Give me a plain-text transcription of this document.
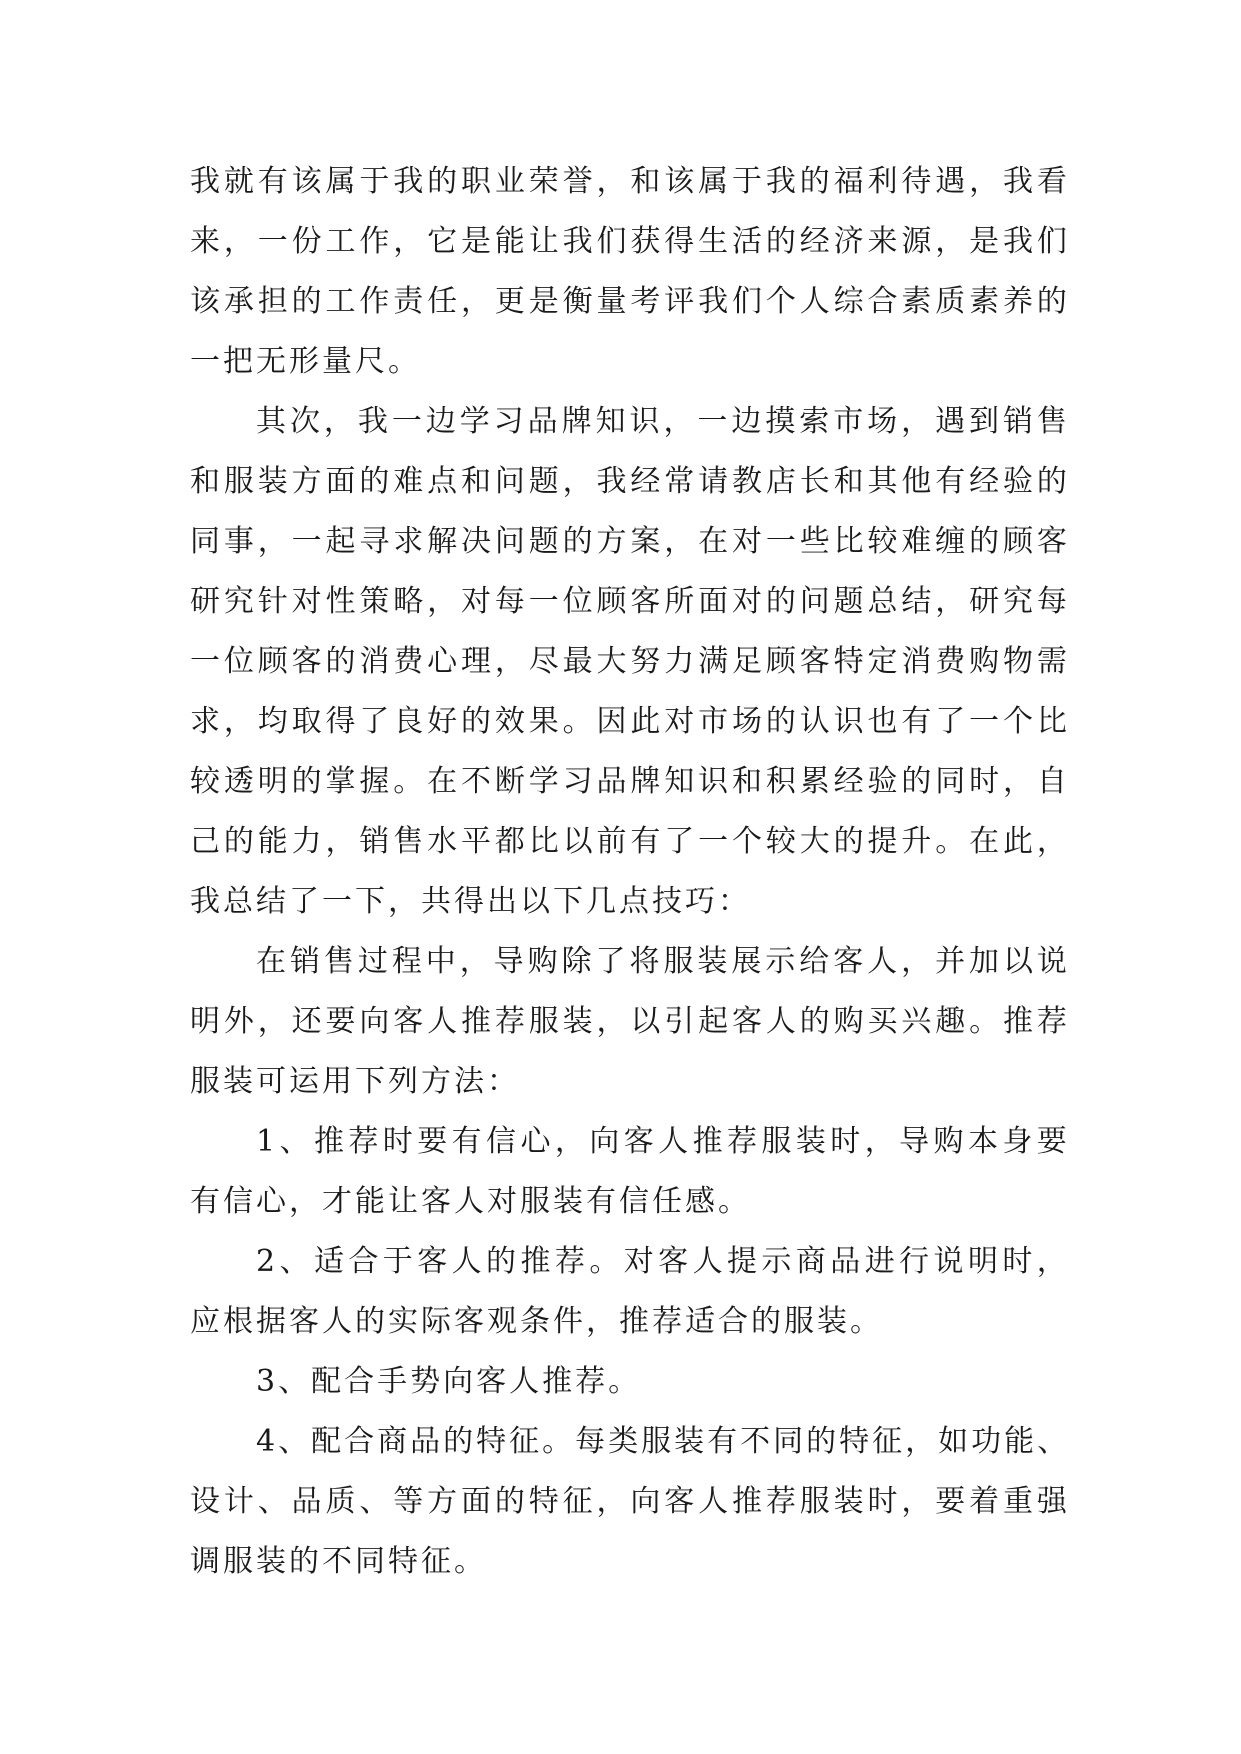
我 就 有 该 属 于 我 的 职 业 荣 誉 ， 和 该 属 于 我 的 福 利 待 遇 ， 我 看
来 ， 一 份 工 作 ， 它 是 能 让 我 们 获 得 生 活 的 经 济 来 源 ， 是 我 们
该 承 担 的 工 作 责 任 ， 更 是 衡 量 考 评 我 们 个 人 综 合 素 质 素 养 的
一把无形量尺。
其 次 ， 我 一 边 学 习 品 牌 知 识 ， 一 边 摸 索 市 场 ， 遇 到 销 售
和 服 装 方 面 的 难 点 和 问 题 ， 我 经 常 请 教 店 长 和 其 他 有 经 验 的
同 事 ， 一 起 寻 求 解 决 问 题 的 方 案 ， 在 对 一 些 比 较 难 缠 的 顾 客
研 究 针 对 性 策 略 ， 对 每 一 位 顾 客 所 面 对 的 问 题 总 结 ， 研 究 每
一 位 顾 客 的 消 费 心 理 ， 尽 最 大 努 力 满 足 顾 客 特 定 消 费 购 物 需
求 ， 均 取 得 了 良 好 的 效 果 。 因 此 对 市 场 的 认 识 也 有 了 一 个 比
较 透 明 的 掌 握 。 在 不 断 学 习 品 牌 知 识 和 积 累 经 验 的 同 时 ， 自
己 的 能 力 ， 销 售 水 平 都 比 以 前 有 了 一 个 较 大 的 提 升 。 在 此 ，
我总结了一下，共得出以下几点技巧：
在 销 售 过 程 中 ， 导 购 除 了 将 服 装 展 示 给 客 人 ， 并 加 以 说
明 外 ， 还 要 向 客 人 推 荐 服 装 ， 以 引 起 客 人 的 购 买 兴 趣 。 推 荐
服装可运用下列方法：
1 、 推 荐 时 要 有 信 心 ， 向 客 人 推 荐 服 装 时 ， 导 购 本 身 要
有信心，才能让客人对服装有信任感。
2 、 适 合 于 客 人 的 推 荐 。 对 客 人 提 示 商 品 进 行 说 明 时 ，
应根据客人的实际客观条件，推荐适合的服装。
3、配合手势向客人推荐。
4 、 配 合 商 品 的 特 征 。 每 类 服 装 有 不 同 的 特 征 ， 如 功 能 、
设 计 、 品 质 、 等 方 面 的 特 征 ， 向 客 人 推 荐 服 装 时 ， 要 着 重 强
调服装的不同特征。
